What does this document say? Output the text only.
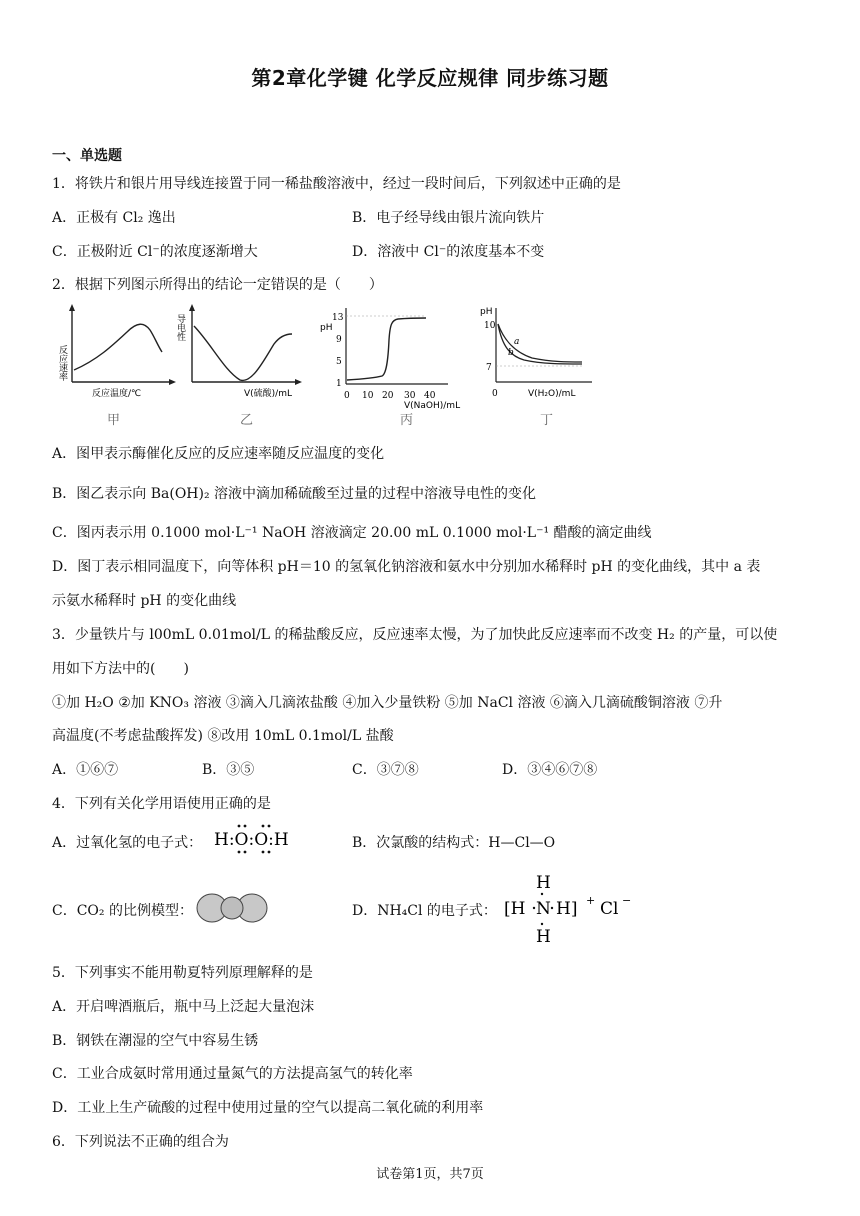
第2章化学键 化学反应规律 同步练习题
一、单选题
1．将铁片和银片用导线连接置于同一稀盐酸溶液中，经过一段时间后，下列叙述中正确的是
A．正极有 Cl₂ 逸出	B．电子经导线由银片流向铁片
C．正极附近 Cl⁻的浓度逐渐增大	D．溶液中 Cl⁻的浓度基本不变
2．根据下列图示所得出的结论一定错误的是（　　）
反应速率
反应温度/℃
甲
导电性
V(硫酸)/mL
乙
pH
1
5
9
13
0 10 20 30 40
V(NaOH)/mL
丙
pH
10
7
a
b
0	V(H₂O)/mL
丁
A．图甲表示酶催化反应的反应速率随反应温度的变化
B．图乙表示向 Ba(OH)₂ 溶液中滴加稀硫酸至过量的过程中溶液导电性的变化
C．图丙表示用 0.1000 mol·L⁻¹ NaOH 溶液滴定 20.00 mL 0.1000 mol·L⁻¹ 醋酸的滴定曲线
D．图丁表示相同温度下，向等体积 pH＝10 的氢氧化钠溶液和氨水中分别加水稀释时 pH 的变化曲线，其中 a 表
示氨水稀释时 pH 的变化曲线
3．少量铁片与 l00mL 0.01mol/L 的稀盐酸反应，反应速率太慢，为了加快此反应速率而不改变 H₂ 的产量，可以使
用如下方法中的(　　)
①加 H₂O ②加 KNO₃ 溶液 ③滴入几滴浓盐酸 ④加入少量铁粉 ⑤加 NaCl 溶液 ⑥滴入几滴硫酸铜溶液 ⑦升
高温度(不考虑盐酸挥发) ⑧改用 10mL 0.1mol/L 盐酸
A．①⑥⑦	B．③⑤	C．③⑦⑧	D．③④⑥⑦⑧
4．下列有关化学用语使用正确的是
A．过氧化氢的电子式： H:O:O:H	B．次氯酸的结构式：H—Cl—O
C．CO₂ 的比例模型：	D．NH₄Cl 的电子式：
H
[H N H] + Cl −
H
5．下列事实不能用勒夏特列原理解释的是
A．开启啤酒瓶后，瓶中马上泛起大量泡沫
B．钢铁在潮湿的空气中容易生锈
C．工业合成氨时常用通过量氮气的方法提高氢气的转化率
D．工业上生产硫酸的过程中使用过量的空气以提高二氧化硫的利用率
6．下列说法不正确的组合为
试卷第1页，共7页
